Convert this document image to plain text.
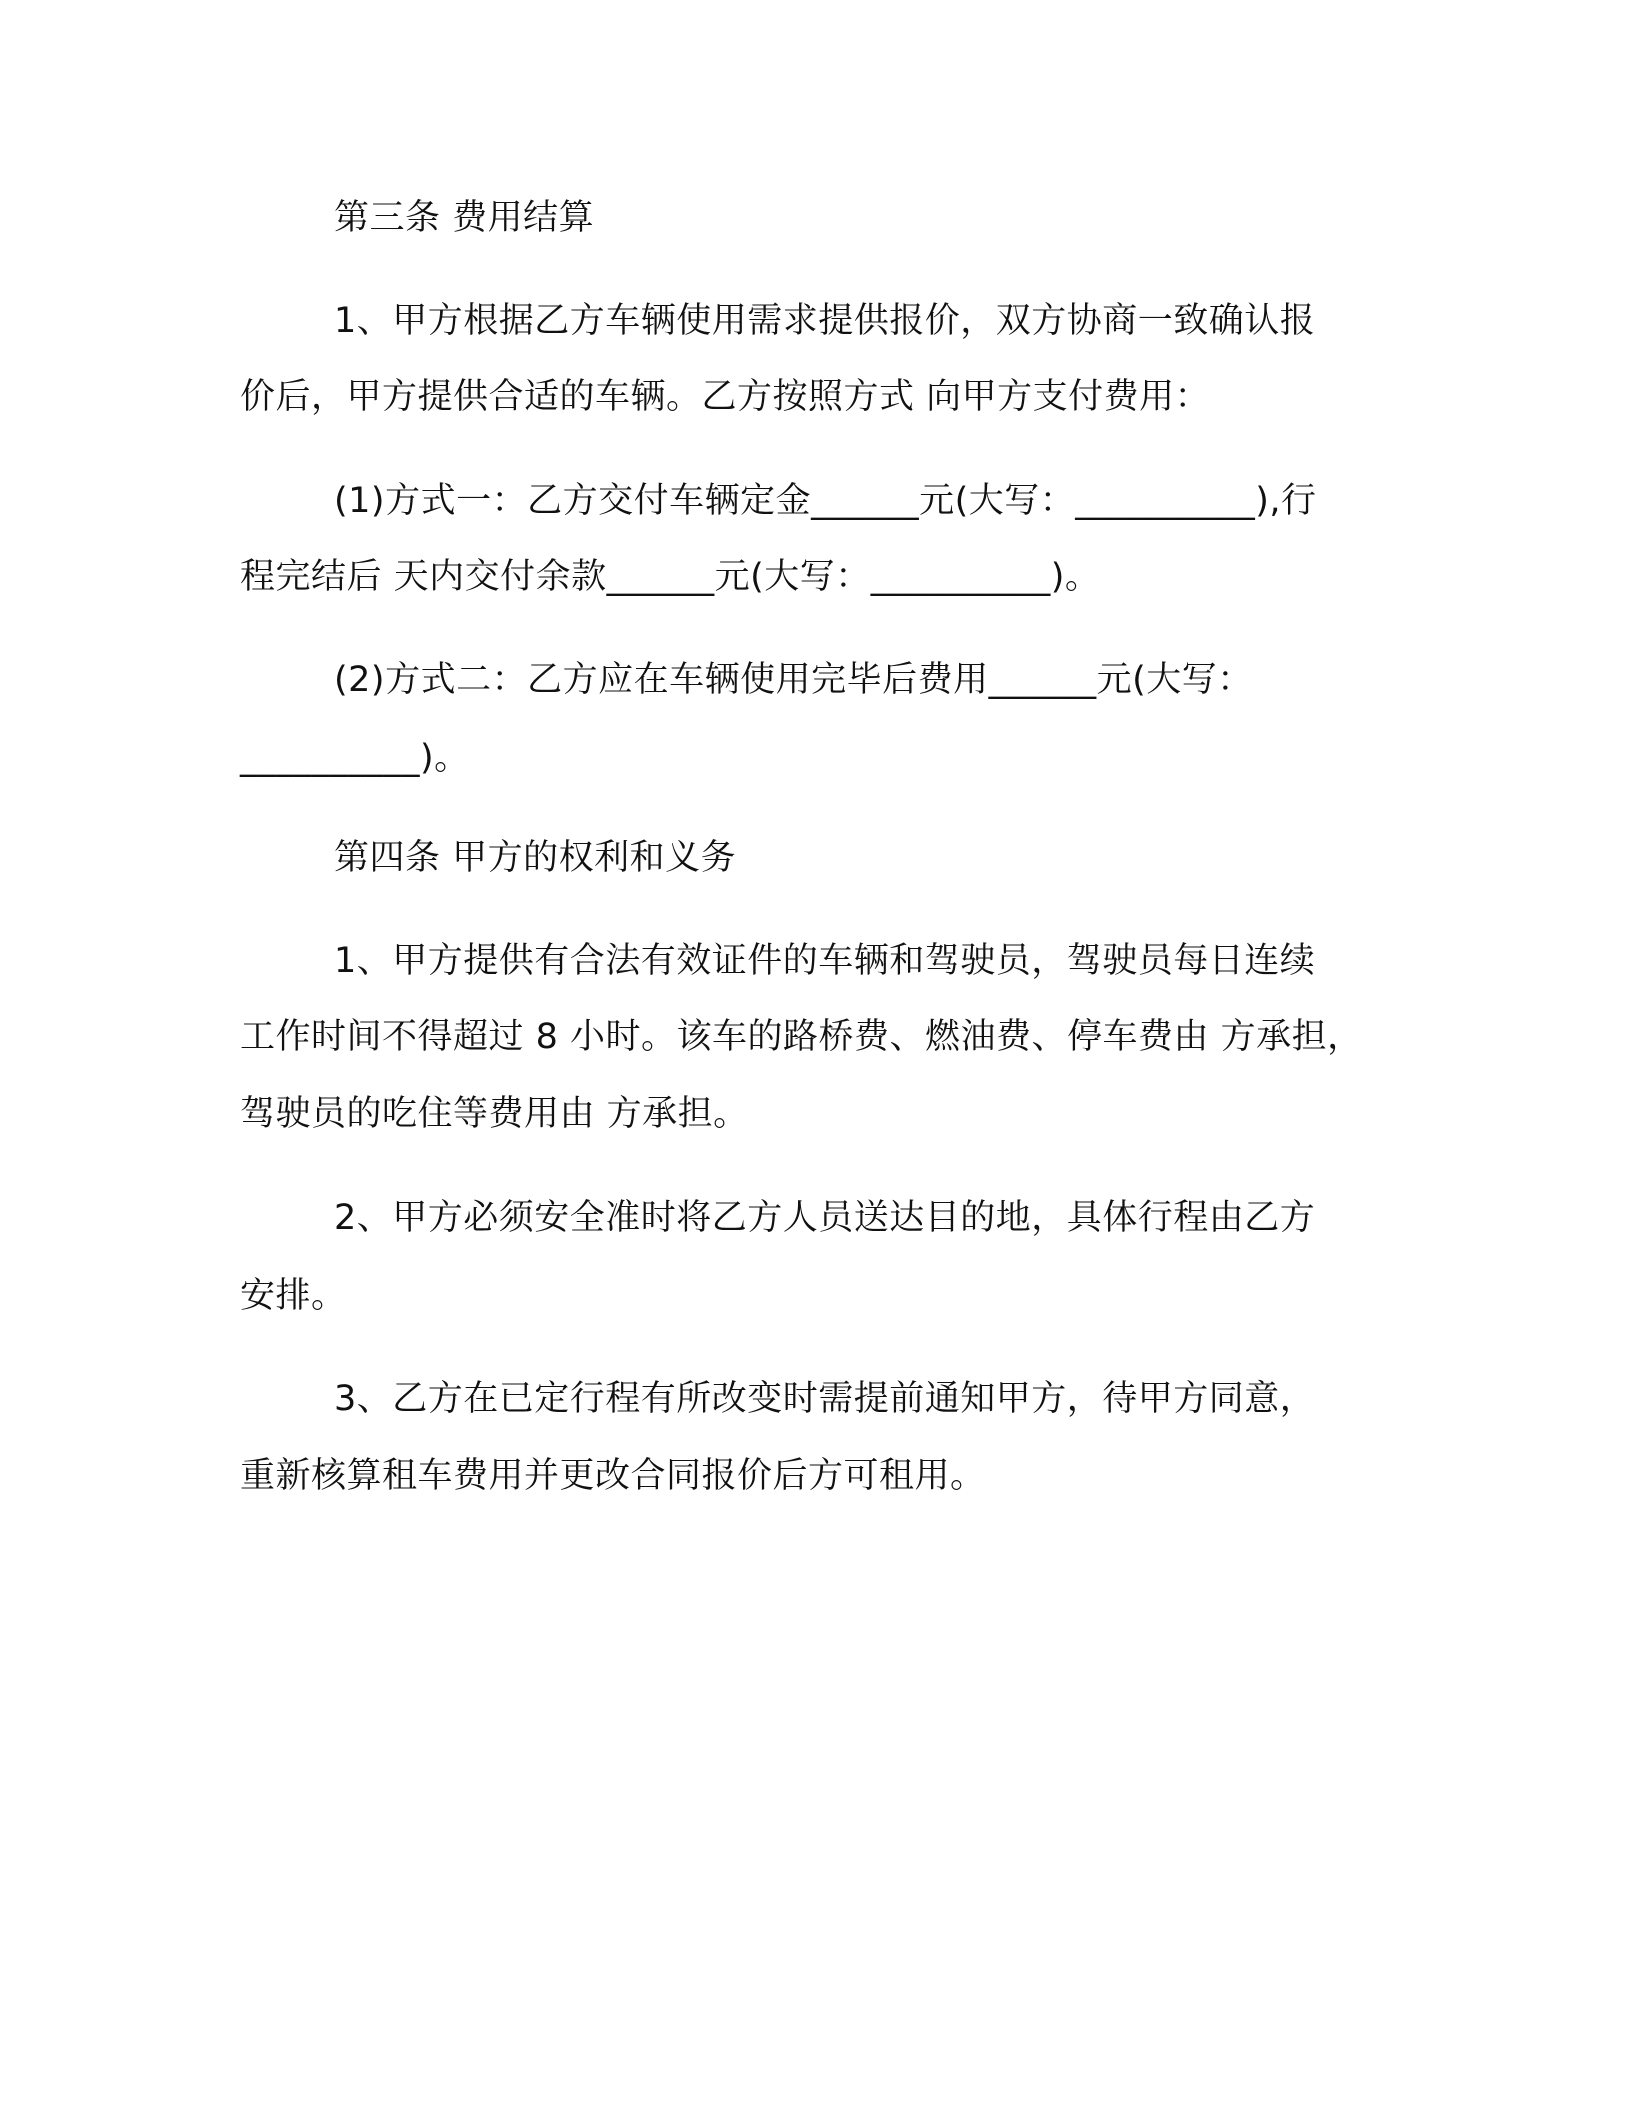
第三条 费用结算
1、甲方根据乙方车辆使用需求提供报价，双方协商一致确认报
价后，甲方提供合适的车辆。乙方按照方式 向甲方支付费用：
(1)方式一：乙方交付车辆定金______元(大写：__________),行
程完结后 天内交付余款______元(大写：__________)。
(2)方式二：乙方应在车辆使用完毕后费用______元(大写：
__________)。
第四条 甲方的权利和义务
1、甲方提供有合法有效证件的车辆和驾驶员，驾驶员每日连续
工作时间不得超过 8 小时。该车的路桥费、燃油费、停车费由 方承担，
驾驶员的吃住等费用由 方承担。
2、甲方必须安全准时将乙方人员送达目的地，具体行程由乙方
安排。
3、乙方在已定行程有所改变时需提前通知甲方，待甲方同意，
重新核算租车费用并更改合同报价后方可租用。
